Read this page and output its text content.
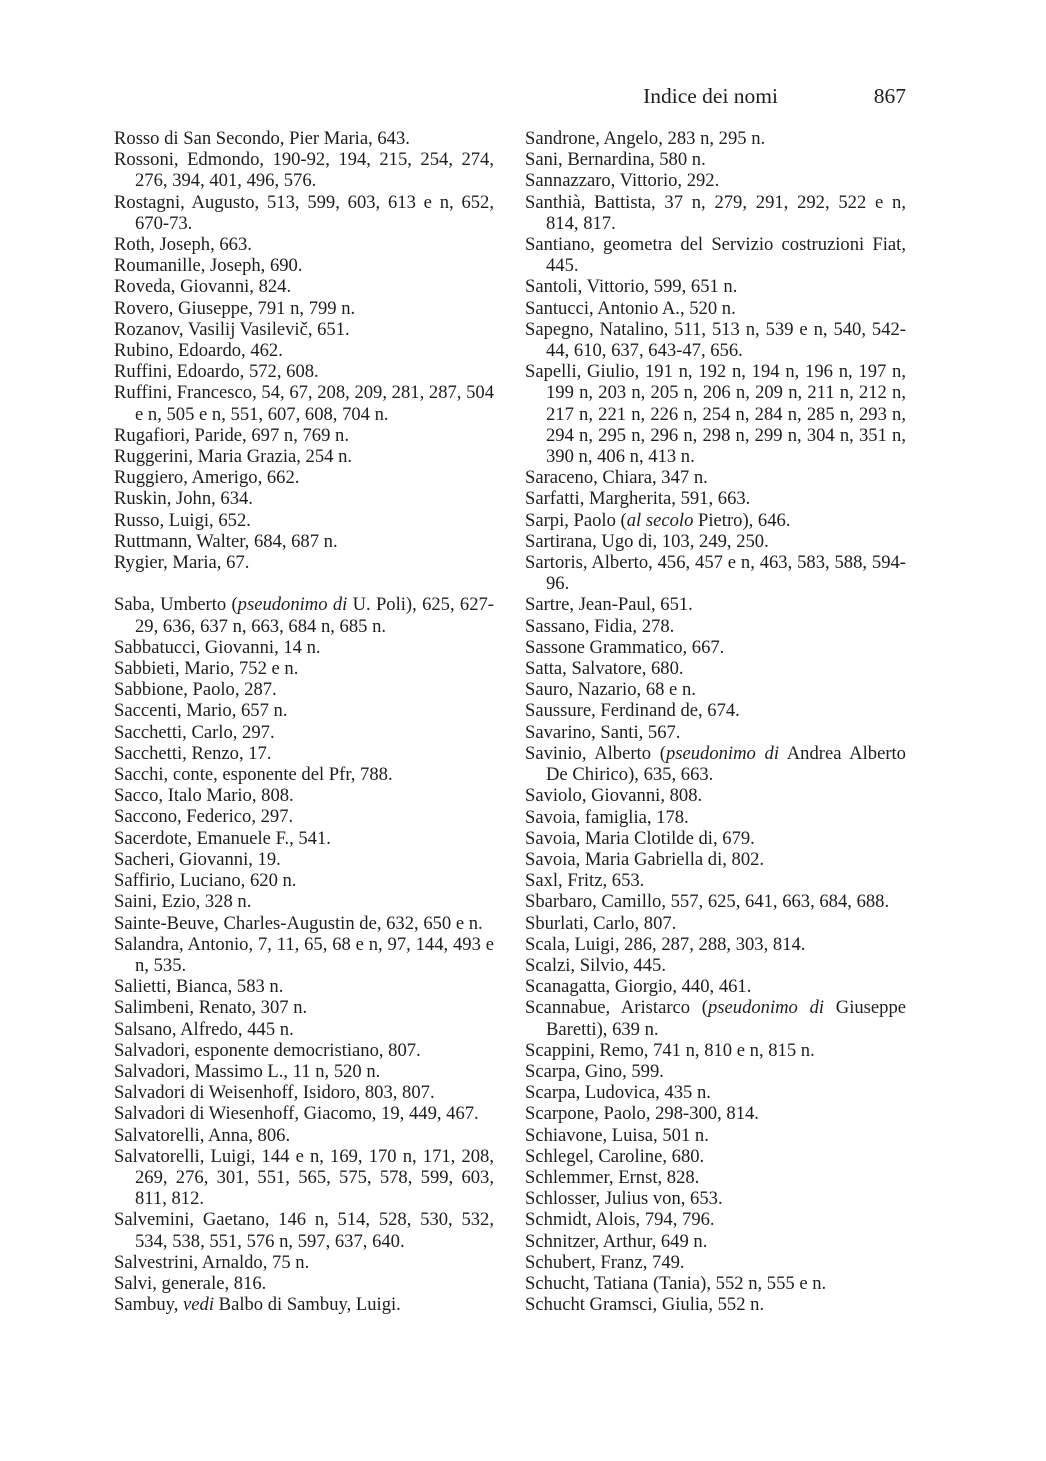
Indice dei nomi	867

Rosso di San Secondo, Pier Maria, 643.

Rossoni, Edmondo, 190-92, 194, 215, 254, 274, 276, 394, 401, 496, 576.

Rostagni, Augusto, 513, 599, 603, 613 e n, 652, 670-73.

Roth, Joseph, 663.

Roumanille, Joseph, 690.

Roveda, Giovanni, 824.

Rovero, Giuseppe, 791 n, 799 n.

Rozanov, Vasilij Vasilevič, 651.

Rubino, Edoardo, 462.

Ruffini, Edoardo, 572, 608.

Ruffini, Francesco, 54, 67, 208, 209, 281, 287, 504 e n, 505 e n, 551, 607, 608, 704 n.

Rugafiori, Paride, 697 n, 769 n.

Ruggerini, Maria Grazia, 254 n.

Ruggiero, Amerigo, 662.

Ruskin, John, 634.

Russo, Luigi, 652.

Ruttmann, Walter, 684, 687 n.

Rygier, Maria, 67.

Saba, Umberto (pseudonimo di U. Poli), 625, 627-29, 636, 637 n, 663, 684 n, 685 n.

Sabbatucci, Giovanni, 14 n.

Sabbieti, Mario, 752 e n.

Sabbione, Paolo, 287.

Saccenti, Mario, 657 n.

Sacchetti, Carlo, 297.

Sacchetti, Renzo, 17.

Sacchi, conte, esponente del Pfr, 788.

Sacco, Italo Mario, 808.

Saccono, Federico, 297.

Sacerdote, Emanuele F., 541.

Sacheri, Giovanni, 19.

Saffirio, Luciano, 620 n.

Saini, Ezio, 328 n.

Sainte-Beuve, Charles-Augustin de, 632, 650 e n.

Salandra, Antonio, 7, 11, 65, 68 e n, 97, 144, 493 e n, 535.

Salietti, Bianca, 583 n.

Salimbeni, Renato, 307 n.

Salsano, Alfredo, 445 n.

Salvadori, esponente democristiano, 807.

Salvadori, Massimo L., 11 n, 520 n.

Salvadori di Weisenhoff, Isidoro, 803, 807.

Salvadori di Wiesenhoff, Giacomo, 19, 449, 467.

Salvatorelli, Anna, 806.

Salvatorelli, Luigi, 144 e n, 169, 170 n, 171, 208, 269, 276, 301, 551, 565, 575, 578, 599, 603, 811, 812.

Salvemini, Gaetano, 146 n, 514, 528, 530, 532, 534, 538, 551, 576 n, 597, 637, 640.

Salvestrini, Arnaldo, 75 n.

Salvi, generale, 816.

Sambuy, vedi Balbo di Sambuy, Luigi.

Sandrone, Angelo, 283 n, 295 n.

Sani, Bernardina, 580 n.

Sannazzaro, Vittorio, 292.

Santhià, Battista, 37 n, 279, 291, 292, 522 e n, 814, 817.

Santiano, geometra del Servizio costruzioni Fiat, 445.

Santoli, Vittorio, 599, 651 n.

Santucci, Antonio A., 520 n.

Sapegno, Natalino, 511, 513 n, 539 e n, 540, 542-44, 610, 637, 643-47, 656.

Sapelli, Giulio, 191 n, 192 n, 194 n, 196 n, 197 n, 199 n, 203 n, 205 n, 206 n, 209 n, 211 n, 212 n, 217 n, 221 n, 226 n, 254 n, 284 n, 285 n, 293 n, 294 n, 295 n, 296 n, 298 n, 299 n, 304 n, 351 n, 390 n, 406 n, 413 n.

Saraceno, Chiara, 347 n.

Sarfatti, Margherita, 591, 663.

Sarpi, Paolo (al secolo Pietro), 646.

Sartirana, Ugo di, 103, 249, 250.

Sartoris, Alberto, 456, 457 e n, 463, 583, 588, 594-96.

Sartre, Jean-Paul, 651.

Sassano, Fidia, 278.

Sassone Grammatico, 667.

Satta, Salvatore, 680.

Sauro, Nazario, 68 e n.

Saussure, Ferdinand de, 674.

Savarino, Santi, 567.

Savinio, Alberto (pseudonimo di Andrea Alberto De Chirico), 635, 663.

Saviolo, Giovanni, 808.

Savoia, famiglia, 178.

Savoia, Maria Clotilde di, 679.

Savoia, Maria Gabriella di, 802.

Saxl, Fritz, 653.

Sbarbaro, Camillo, 557, 625, 641, 663, 684, 688.

Sburlati, Carlo, 807.

Scala, Luigi, 286, 287, 288, 303, 814.

Scalzi, Silvio, 445.

Scanagatta, Giorgio, 440, 461.

Scannabue, Aristarco (pseudonimo di Giuseppe Baretti), 639 n.

Scappini, Remo, 741 n, 810 e n, 815 n.

Scarpa, Gino, 599.

Scarpa, Ludovica, 435 n.

Scarpone, Paolo, 298-300, 814.

Schiavone, Luisa, 501 n.

Schlegel, Caroline, 680.

Schlemmer, Ernst, 828.

Schlosser, Julius von, 653.

Schmidt, Alois, 794, 796.

Schnitzer, Arthur, 649 n.

Schubert, Franz, 749.

Schucht, Tatiana (Tania), 552 n, 555 e n.

Schucht Gramsci, Giulia, 552 n.
